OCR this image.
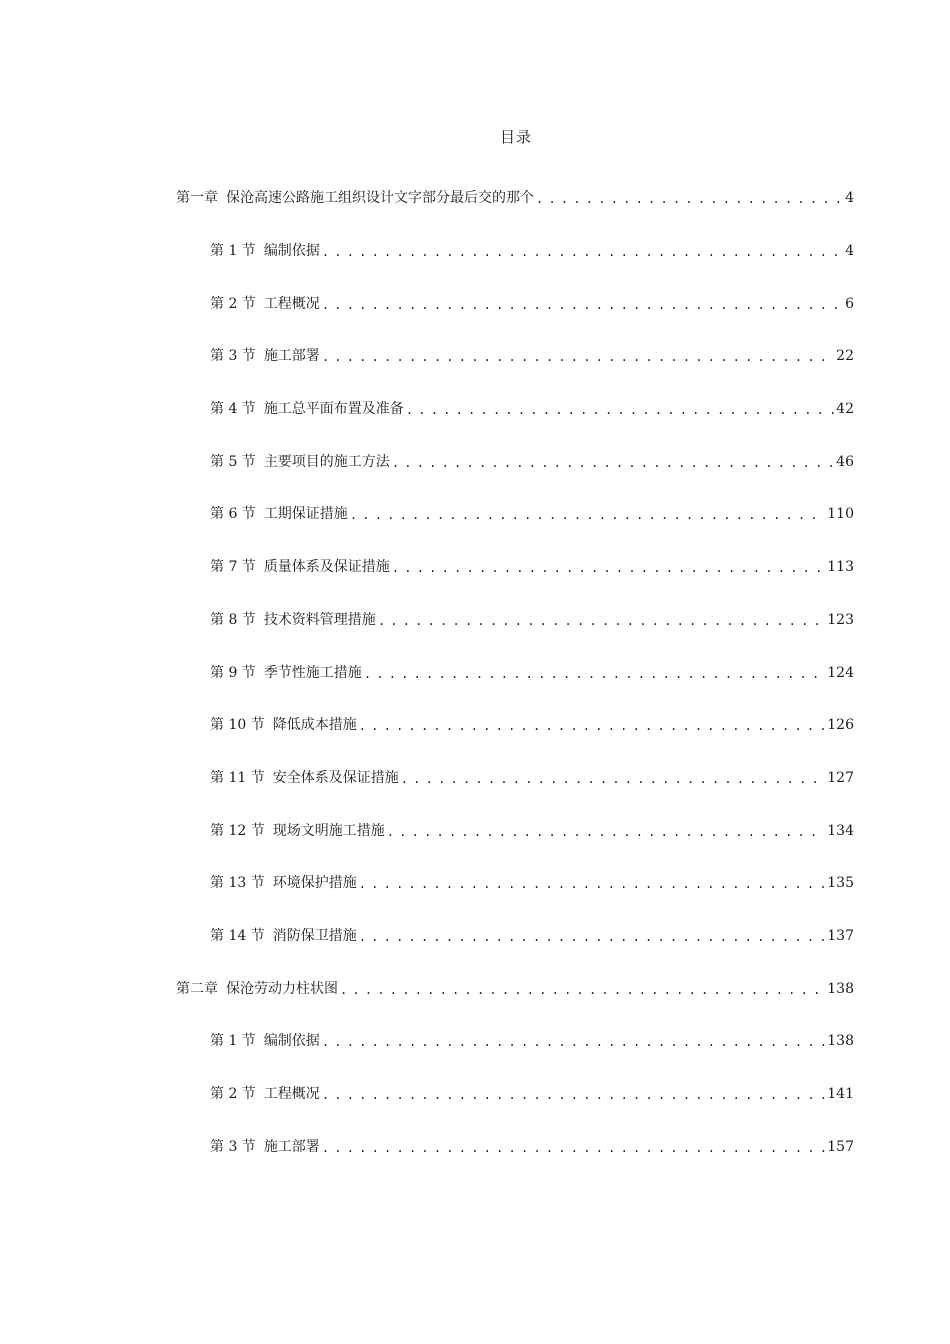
目录
第一章 保沧高速公路施工组织设计文字部分最后交的那个 . . .	4
第 1 节 编制依据 . . .	4
第 2 节 工程概况 . . .	6
第 3 节 施工部署 . . .	22
第 4 节 施工总平面布置及准备 . . .	42
第 5 节 主要项目的施工方法 . . .	46
第 6 节 工期保证措施 . . .	110
第 7 节 质量体系及保证措施 . . .	113
第 8 节 技术资料管理措施 . . .	123
第 9 节 季节性施工措施 . . .	124
第 10 节 降低成本措施 . . .	126
第 11 节 安全体系及保证措施 . . .	127
第 12 节 现场文明施工措施 . . .	134
第 13 节 环境保护措施 . . .	135
第 14 节 消防保卫措施 . . .	137
第二章 保沧劳动力柱状图 . . .	138
第 1 节 编制依据 . . .	138
第 2 节 工程概况 . . .	141
第 3 节 施工部署 . . .	157
